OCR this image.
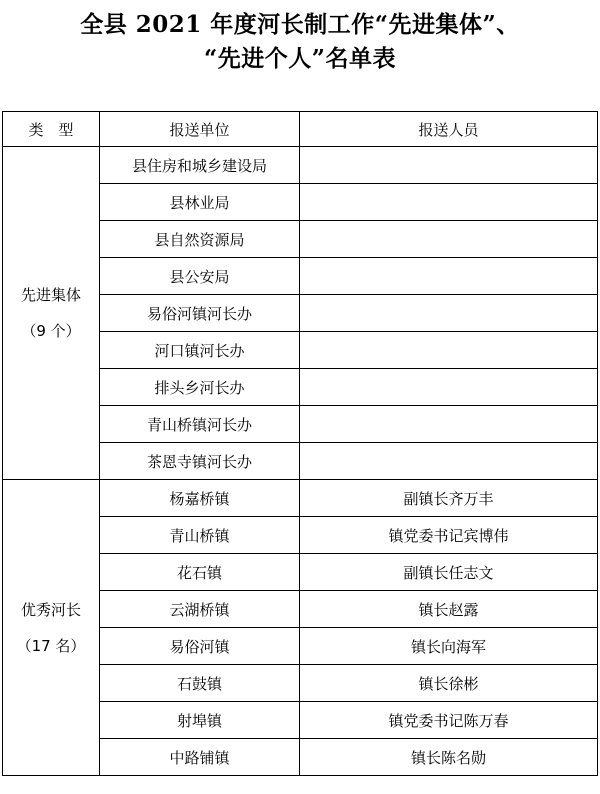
全县 2021 年度河长制工作“先进集体”、
“先进个人”名单表
类　型	报送单位	报送人员

先进集体
（9 个）	县住房和城乡建设局	
	县林业局	
	县自然资源局	
	县公安局	
	易俗河镇河长办	
	河口镇河长办	
	排头乡河长办	
	青山桥镇河长办	
	茶恩寺镇河长办	

优秀河长
（17 名）	杨嘉桥镇	副镇长齐万丰
	青山桥镇	镇党委书记宾博伟
	花石镇	副镇长任志文
	云湖桥镇	镇长赵露
	易俗河镇	镇长向海军
	石鼓镇	镇长徐彬
	射埠镇	镇党委书记陈万春
	中路铺镇	镇长陈名勋
